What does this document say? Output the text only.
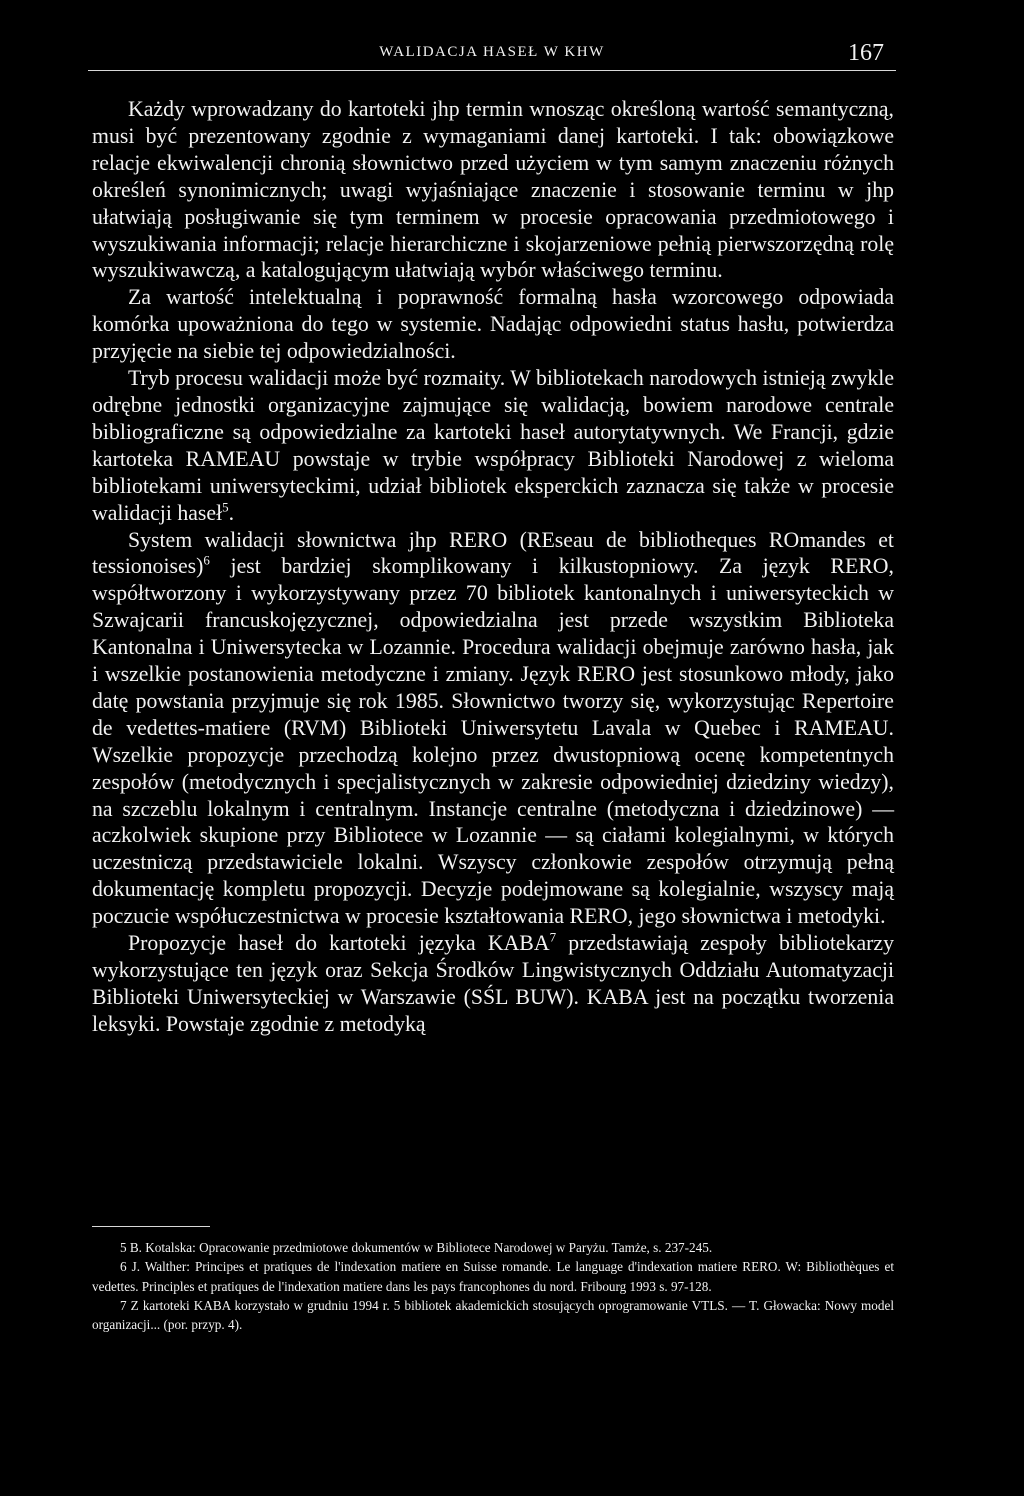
WALIDACJA HASEŁ W KHW	167

Każdy wprowadzany do kartoteki jhp termin wnosząc określoną wartość semantyczną, musi być prezentowany zgodnie z wymaganiami danej kartoteki. I tak: obowiązkowe relacje ekwiwalencji chronią słownictwo przed użyciem w tym samym znaczeniu różnych określeń synonimicznych; uwagi wyjaśniające znaczenie i stosowanie terminu w jhp ułatwiają posługiwanie się tym terminem w procesie opracowania przedmiotowego i wyszukiwania informacji; relacje hierarchiczne i skojarzeniowe pełnią pierwszorzędną rolę wyszukiwawczą, a katalogującym ułatwiają wybór właściwego terminu.

Za wartość intelektualną i poprawność formalną hasła wzorcowego odpowiada komórka upoważniona do tego w systemie. Nadając odpowiedni status hasłu, potwierdza przyjęcie na siebie tej odpowiedzialności.

Tryb procesu walidacji może być rozmaity. W bibliotekach narodowych istnieją zwykle odrębne jednostki organizacyjne zajmujące się walidacją, bowiem narodowe centrale bibliograficzne są odpowiedzialne za kartoteki haseł autorytatywnych. We Francji, gdzie kartoteka RAMEAU powstaje w trybie współpracy Biblioteki Narodowej z wieloma bibliotekami uniwersyteckimi, udział bibliotek eksperckich zaznacza się także w procesie walidacji haseł$^5$.

System walidacji słownictwa jhp RERO (REseau de bibliotheques ROmandes et tessionoises)$^6$ jest bardziej skomplikowany i kilkustopniowy. Za język RERO, współtworzony i wykorzystywany przez 70 bibliotek kantonalnych i uniwersyteckich w Szwajcarii francuskojęzycznej, odpowiedzialna jest przede wszystkim Biblioteka Kantonalna i Uniwersytecka w Lozannie. Procedura walidacji obejmuje zarówno hasła, jak i wszelkie postanowienia metodyczne i zmiany. Język RERO jest stosunkowo młody, jako datę powstania przyjmuje się rok 1985. Słownictwo tworzy się, wykorzystując Repertoire de vedettes-matiere (RVM) Biblioteki Uniwersytetu Lavala w Quebec i RAMEAU. Wszelkie propozycje przechodzą kolejno przez dwustopniową ocenę kompetentnych zespołów (metodycznych i specjalistycznych w zakresie odpowiedniej dziedziny wiedzy), na szczeblu lokalnym i centralnym. Instancje centralne (metodyczna i dziedzinowe) — aczkolwiek skupione przy Bibliotece w Lozannie — są ciałami kolegialnymi, w których uczestniczą przedstawiciele lokalni. Wszyscy członkowie zespołów otrzymują pełną dokumentację kompletu propozycji. Decyzje podejmowane są kolegialnie, wszyscy mają poczucie współuczestnictwa w procesie kształtowania RERO, jego słownictwa i metodyki.

Propozycje haseł do kartoteki języka KABA$^7$ przedstawiają zespoły bibliotekarzy wykorzystujące ten język oraz Sekcja Środków Lingwistycznych Oddziału Automatyzacji Biblioteki Uniwersyteckiej w Warszawie (SŚL BUW). KABA jest na początku tworzenia leksyki. Powstaje zgodnie z metodyką

5 B. Kotalska: Opracowanie przedmiotowe dokumentów w Bibliotece Narodowej w Paryżu. Tamże, s. 237-245.

6 J. Walther: Principes et pratiques de l'indexation matiere en Suisse romande. Le language d'indexation matiere RERO. W: Bibliothèques et vedettes. Principles et pratiques de l'indexation matiere dans les pays francophones du nord. Fribourg 1993 s. 97-128.

7 Z kartoteki KABA korzystało w grudniu 1994 r. 5 bibliotek akademickich stosujących oprogramowanie VTLS. — T. Głowacka: Nowy model organizacji... (por. przyp. 4).
